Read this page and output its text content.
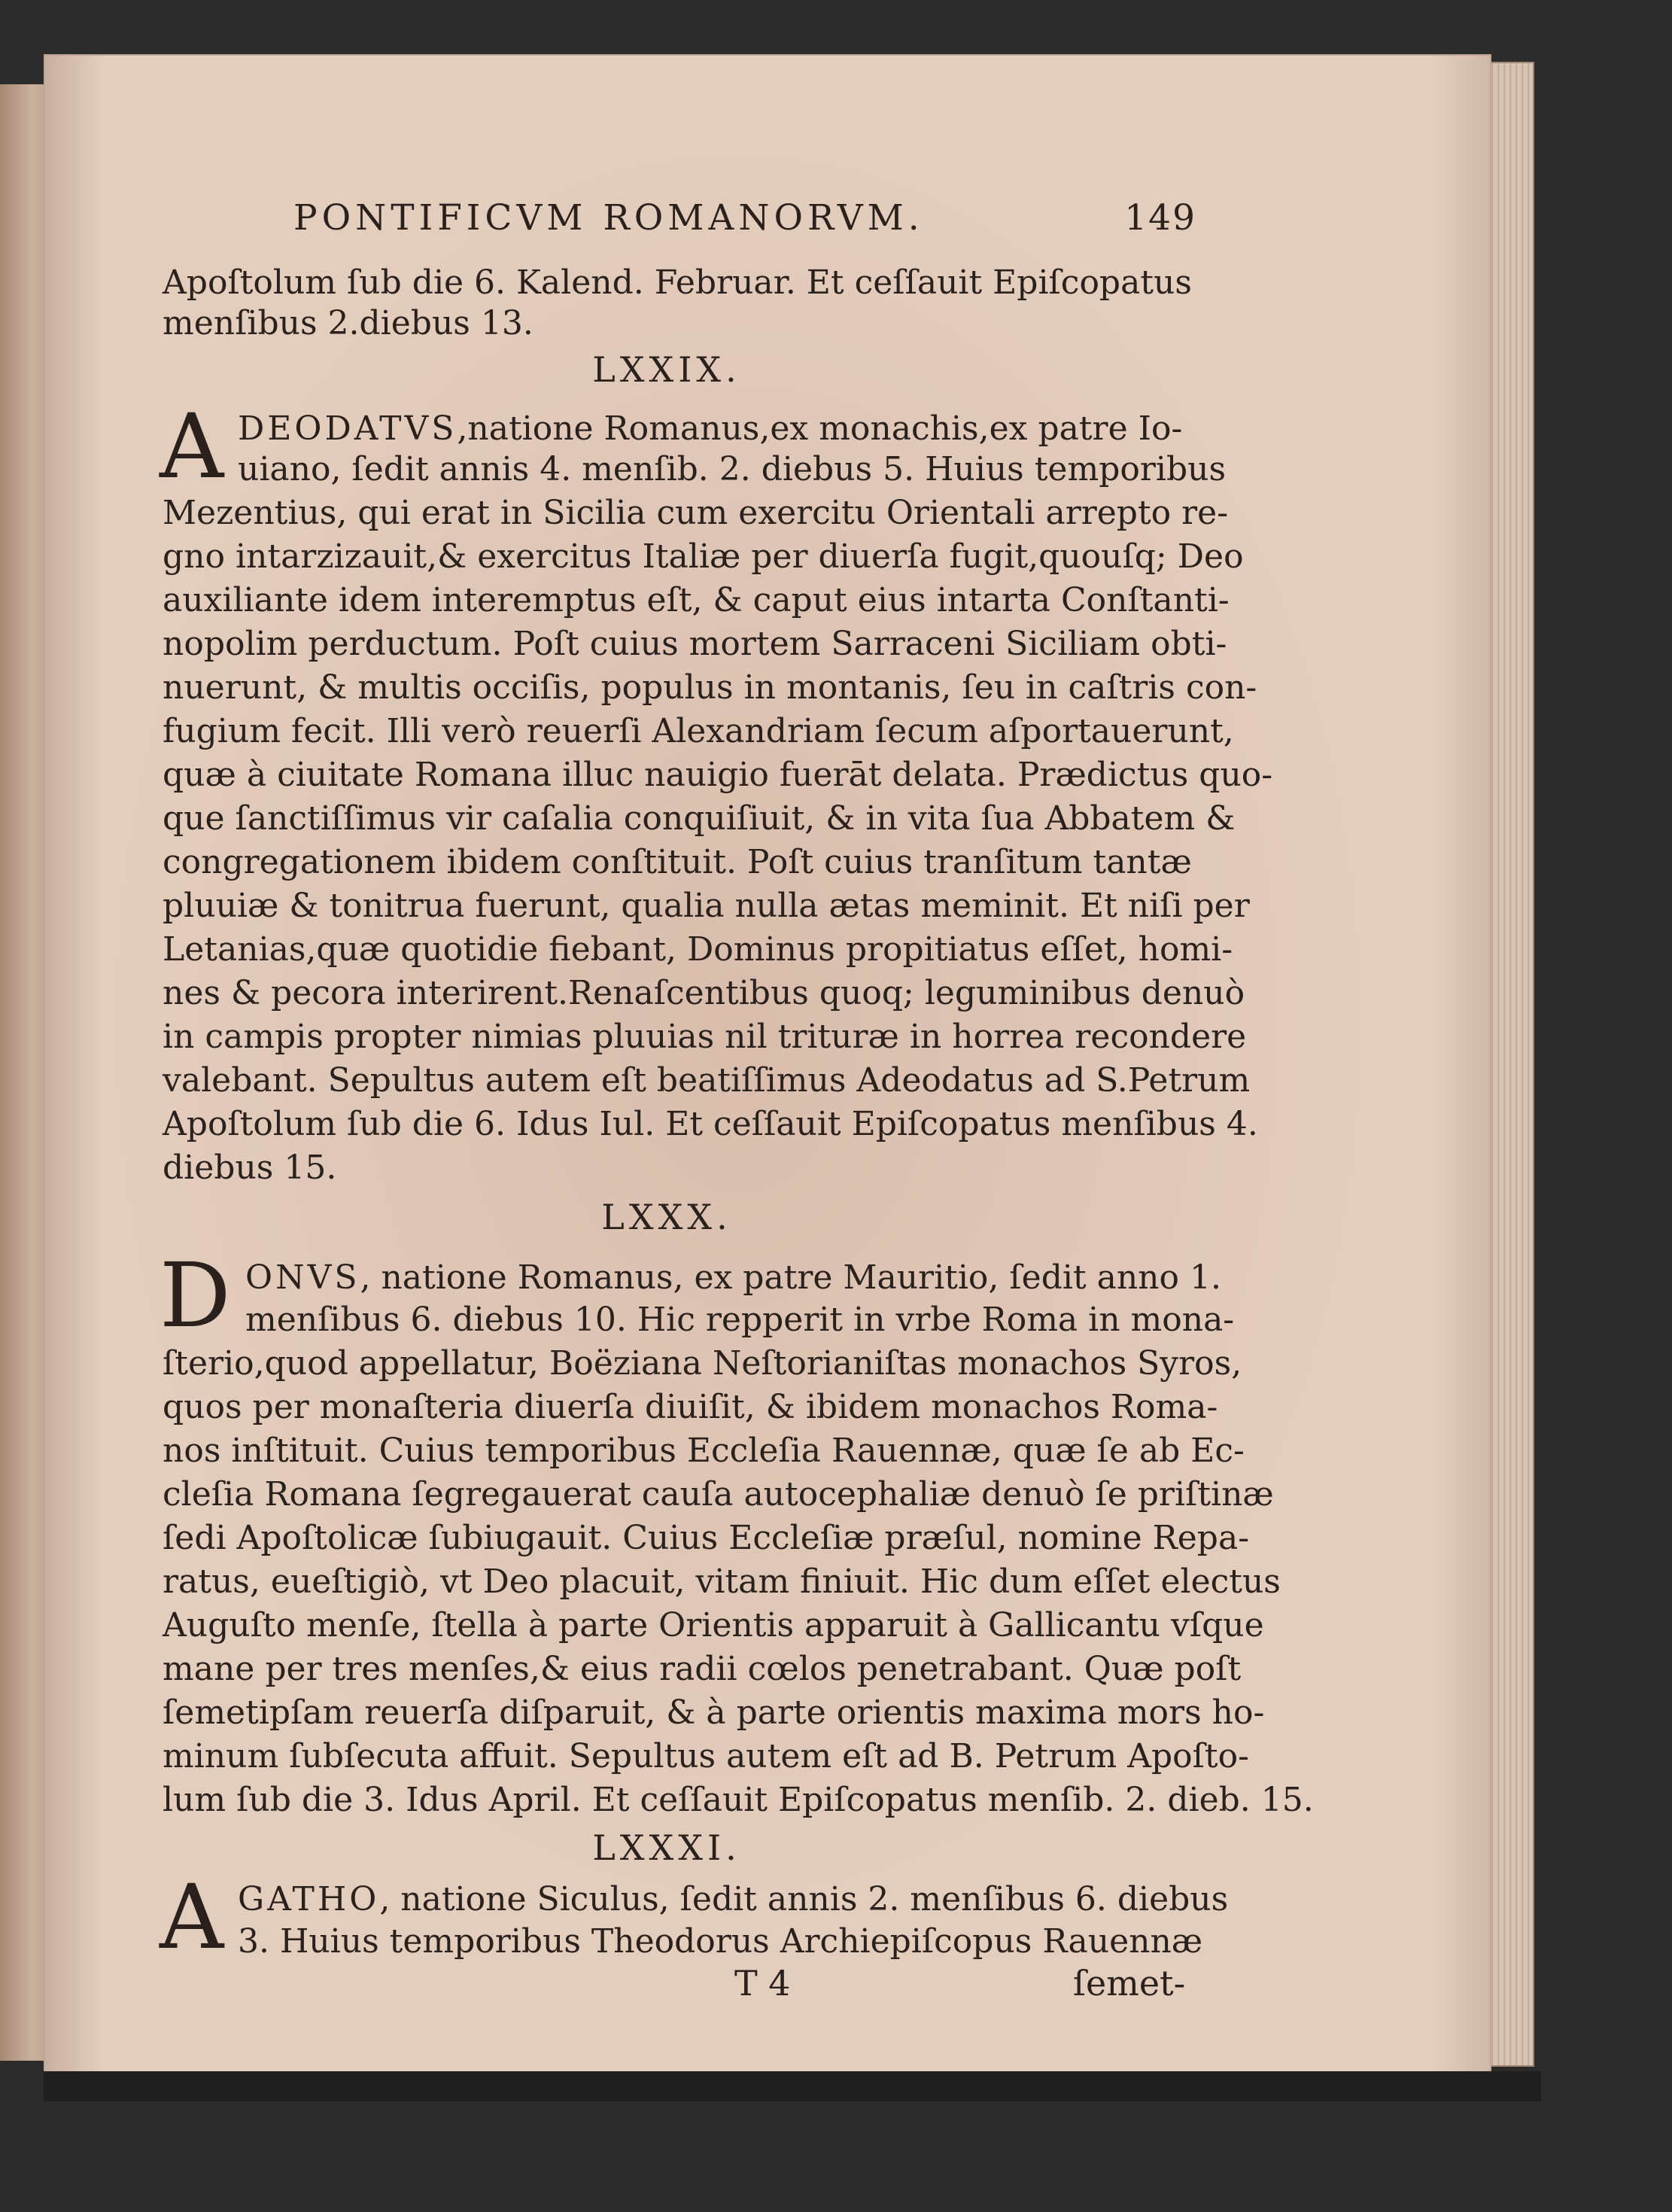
PONTIFICVM ROMANORVM.	149
Apoſtolum ſub die 6. Kalend. Februar. Et ceſſauit Epiſcopatus
menſibus 2.diebus 13.
LXXIX.
A DEODATVS,natione Romanus,ex monachis,ex patre Io-
uiano, ſedit annis 4. menſib. 2. diebus 5. Huius temporibus
Mezentius, qui erat in Sicilia cum exercitu Orientali arrepto re-
gno intarzizauit,& exercitus Italiæ per diuerſa fugit,quouſq; Deo
auxiliante idem interemptus eſt, & caput eius intarta Conſtanti-
nopolim perductum. Poſt cuius mortem Sarraceni Siciliam obti-
nuerunt, & multis occiſis, populus in montanis, ſeu in caſtris con-
fugium fecit. Illi verò reuerſi Alexandriam ſecum aſportauerunt,
quæ à ciuitate Romana illuc nauigio fuerāt delata. Prædictus quo-
que ſanctiſſimus vir caſalia conquiſiuit, & in vita ſua Abbatem &
congregationem ibidem conſtituit. Poſt cuius tranſitum tantæ
pluuiæ & tonitrua fuerunt, qualia nulla ætas meminit. Et niſi per
Letanias,quæ quotidie fiebant, Dominus propitiatus eſſet, homi-
nes & pecora interirent.Renaſcentibus quoq; leguminibus denuò
in campis propter nimias pluuias nil trituræ in horrea recondere
valebant. Sepultus autem eſt beatiſſimus Adeodatus ad S.Petrum
Apoſtolum ſub die 6. Idus Iul. Et ceſſauit Epiſcopatus menſibus 4.
diebus 15.
LXXX.
D ONVS, natione Romanus, ex patre Mauritio, ſedit anno 1.
menſibus 6. diebus 10. Hic repperit in vrbe Roma in mona-
ſterio,quod appellatur, Boëziana Neſtorianiſtas monachos Syros,
quos per monaſteria diuerſa diuiſit, & ibidem monachos Roma-
nos inſtituit. Cuius temporibus Eccleſia Rauennæ, quæ ſe ab Ec-
cleſia Romana ſegregauerat cauſa autocephaliæ denuò ſe priſtinæ
ſedi Apoſtolicæ ſubiugauit. Cuius Eccleſiæ præſul, nomine Repa-
ratus, eueſtigiò, vt Deo placuit, vitam finiuit. Hic dum eſſet electus
Auguſto menſe, ſtella à parte Orientis apparuit à Gallicantu vſque
mane per tres menſes,& eius radii cœlos penetrabant. Quæ poſt
ſemetipſam reuerſa diſparuit, & à parte orientis maxima mors ho-
minum ſubſecuta affuit. Sepultus autem eſt ad B. Petrum Apoſto-
lum ſub die 3. Idus April. Et ceſſauit Epiſcopatus menſib. 2. dieb. 15.
LXXXI.
A GATHO, natione Siculus, ſedit annis 2. menſibus 6. diebus
3. Huius temporibus Theodorus Archiepiſcopus Rauennæ
T 4	ſemet-
